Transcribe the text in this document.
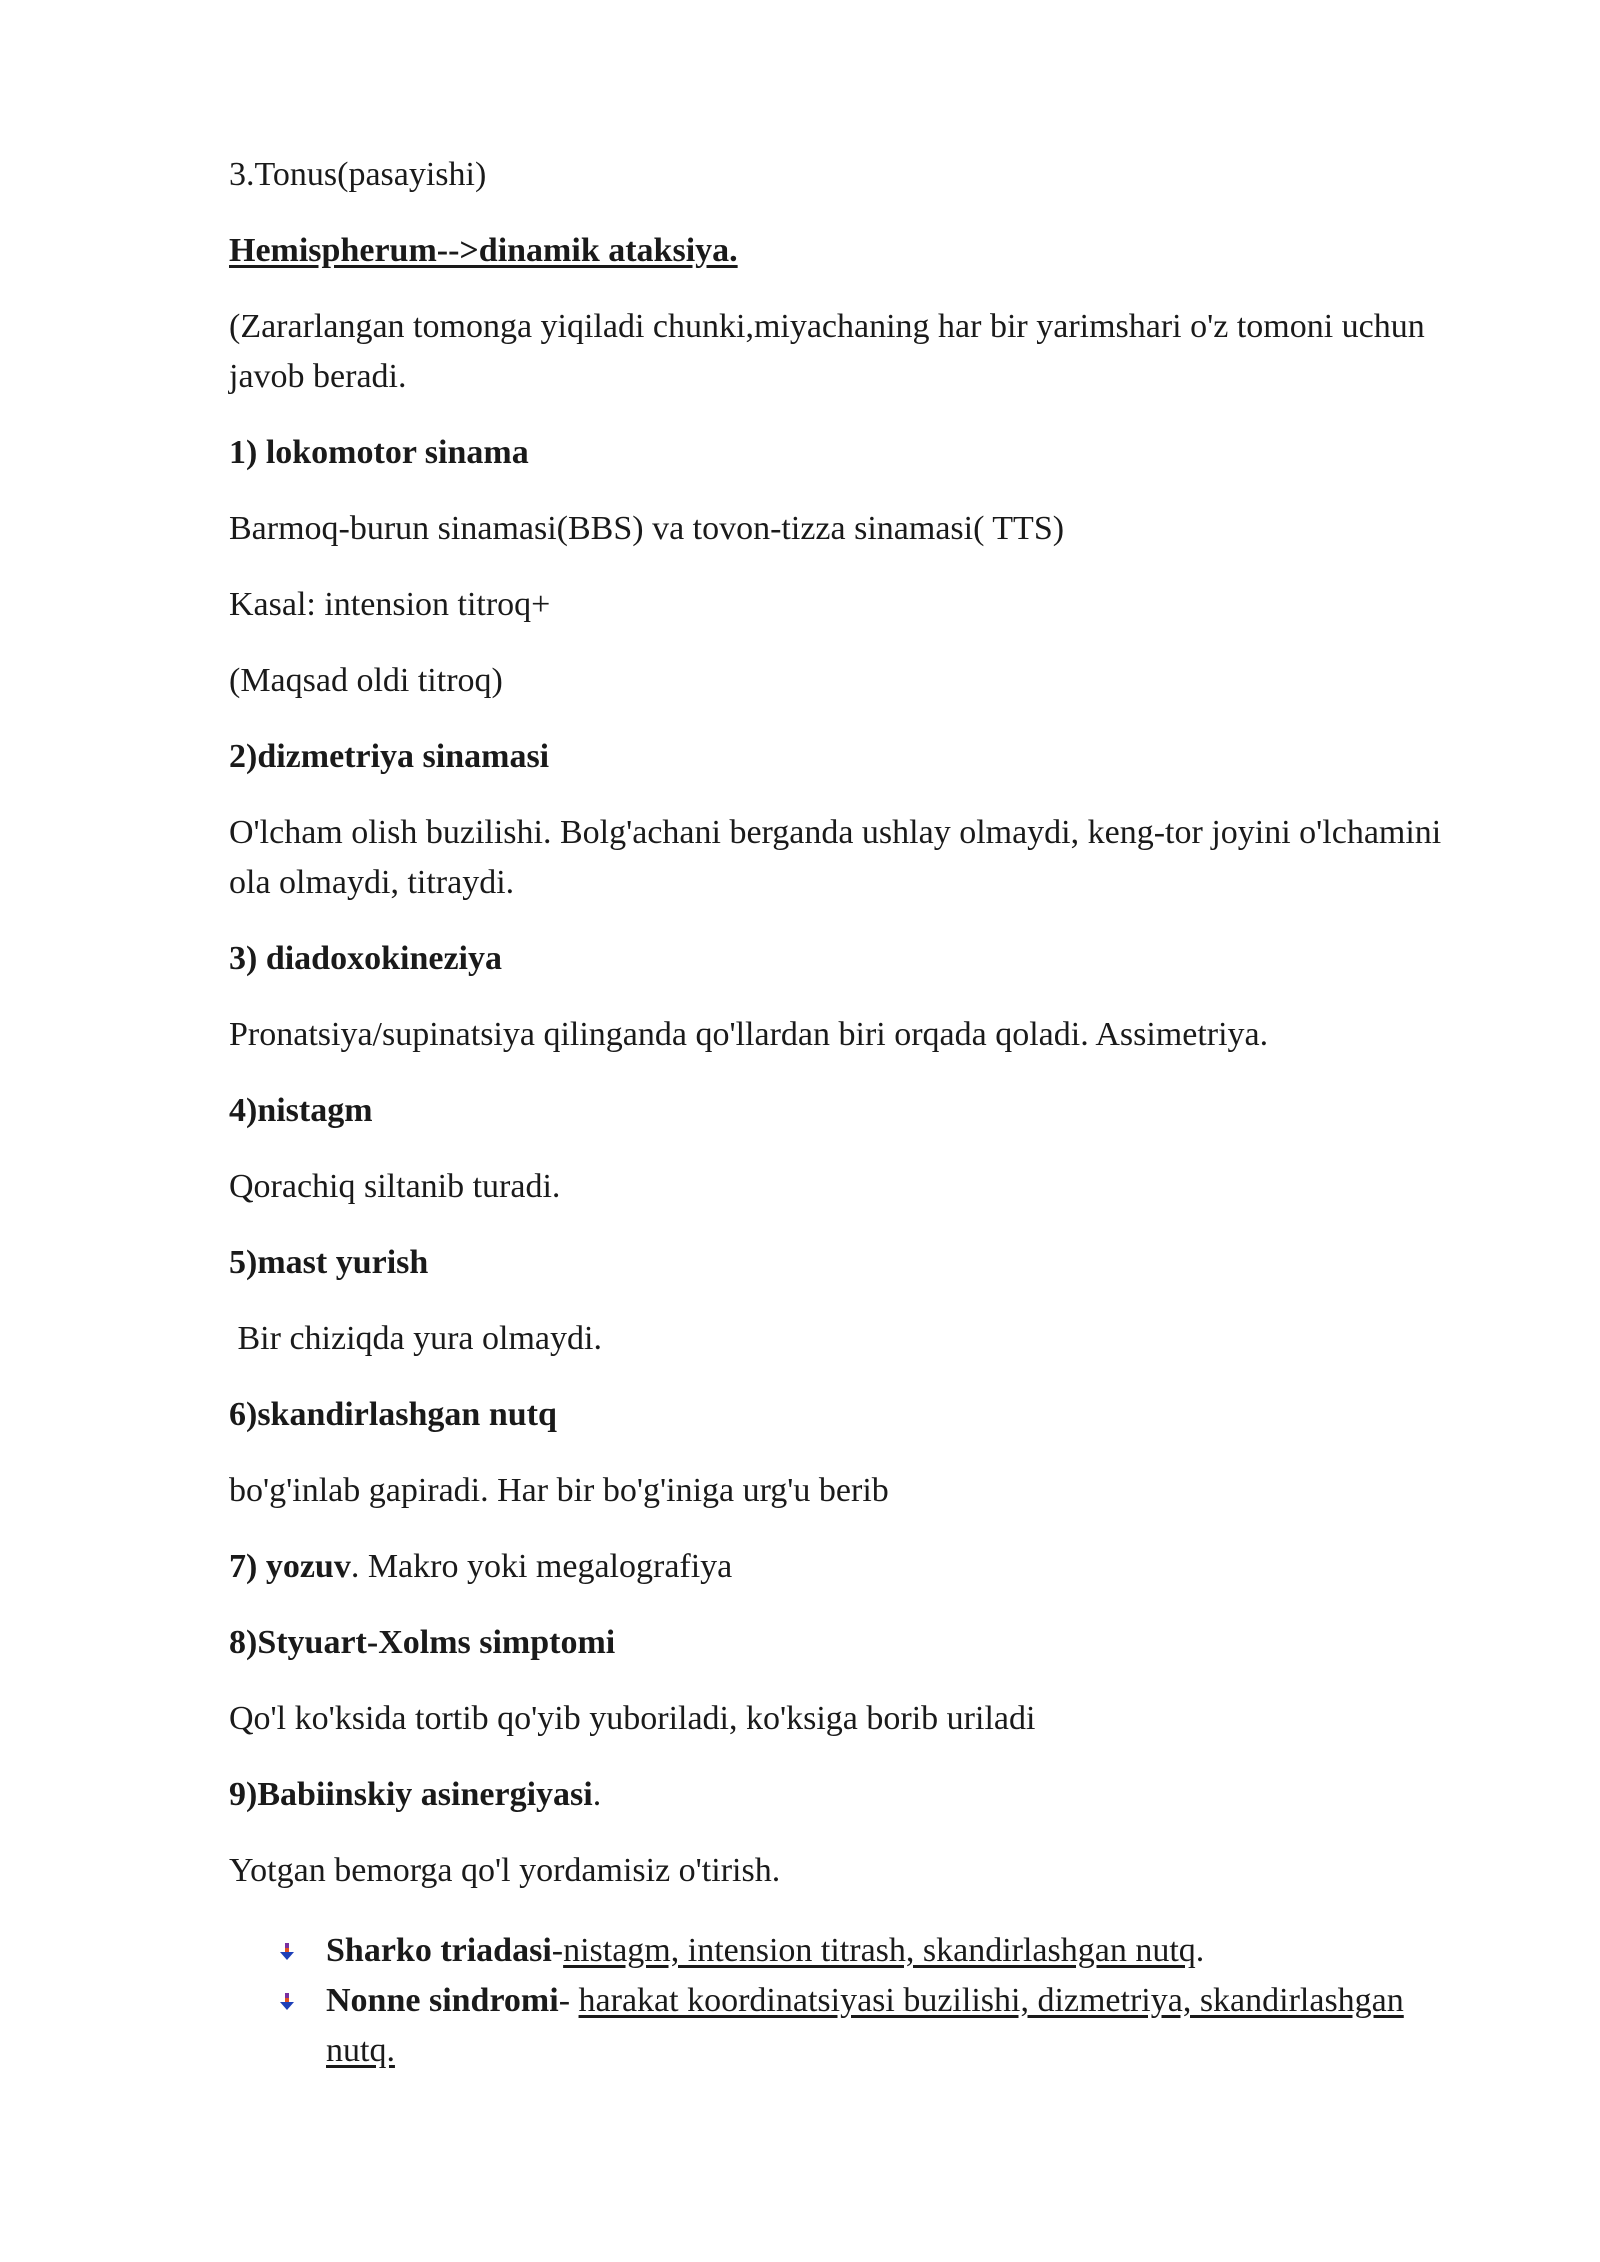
3.Tonus(pasayishi)

Hemispherum-->dinamik ataksiya.

(Zararlangan tomonga yiqiladi chunki,miyachaning har bir yarimshari o'z tomoni uchun javob beradi.

1) lokomotor sinama

Barmoq-burun sinamasi(BBS) va tovon-tizza sinamasi( TTS)

Kasal: intension titroq+

(Maqsad oldi titroq)

2)dizmetriya sinamasi

O'lcham olish buzilishi. Bolg'achani berganda ushlay olmaydi, keng-tor joyini o'lchamini ola olmaydi, titraydi.

3) diadoxokineziya

Pronatsiya/supinatsiya qilinganda qo'llardan biri orqada qoladi. Assimetriya.

4)nistagm

Qorachiq siltanib turadi.

5)mast yurish

Bir chiziqda yura olmaydi.

6)skandirlashgan nutq

bo'g'inlab gapiradi. Har bir bo'g'iniga urg'u berib

7) yozuv. Makro yoki megalografiya

8)Styuart-Xolms simptomi

Qo'l ko'ksida tortib qo'yib yuboriladi, ko'ksiga borib uriladi

9)Babiinskiy asinergiyasi.

Yotgan bemorga qo'l yordamisiz o'tirish.

Sharko triadasi-nistagm, intension titrash, skandirlashgan nutq.
Nonne sindromi- harakat koordinatsiyasi buzilishi, dizmetriya, skandirlashgan nutq.
